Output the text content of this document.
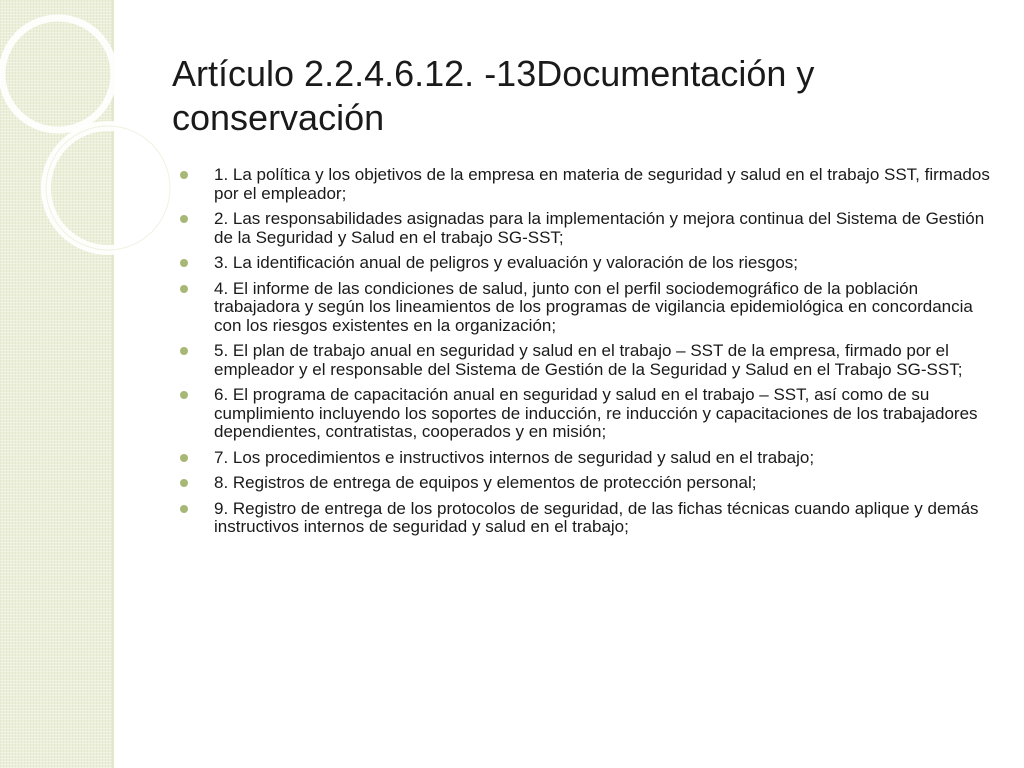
Artículo 2.2.4.6.12. -13Documentación y conservación
1. La política y los objetivos de la empresa en materia de seguridad y salud en el trabajo SST, firmados por el empleador;
2. Las responsabilidades asignadas para la implementación y mejora continua del Sistema de Gestión de la Seguridad y Salud en el trabajo SG-SST;
3. La identificación anual de peligros y evaluación y valoración de los riesgos;
4. El informe de las condiciones de salud, junto con el perfil sociodemográfico de la población trabajadora y según los lineamientos de los programas de vigilancia epidemiológica en concordancia con los riesgos existentes en la organización;
5. El plan de trabajo anual en seguridad y salud en el trabajo – SST de la empresa, firmado por el empleador y el responsable del Sistema de Gestión de la Seguridad y Salud en el Trabajo SG-SST;
6. El programa de capacitación anual en seguridad y salud en el trabajo – SST, así como de su cumplimiento incluyendo los soportes de inducción, re inducción y capacitaciones de los trabajadores dependientes, contratistas, cooperados y en misión;
7. Los procedimientos e instructivos internos de seguridad y salud en el trabajo;
8. Registros de entrega de equipos y elementos de protección personal;
9. Registro de entrega de los protocolos de seguridad, de las fichas técnicas cuando aplique y demás instructivos internos de seguridad y salud en el trabajo;
